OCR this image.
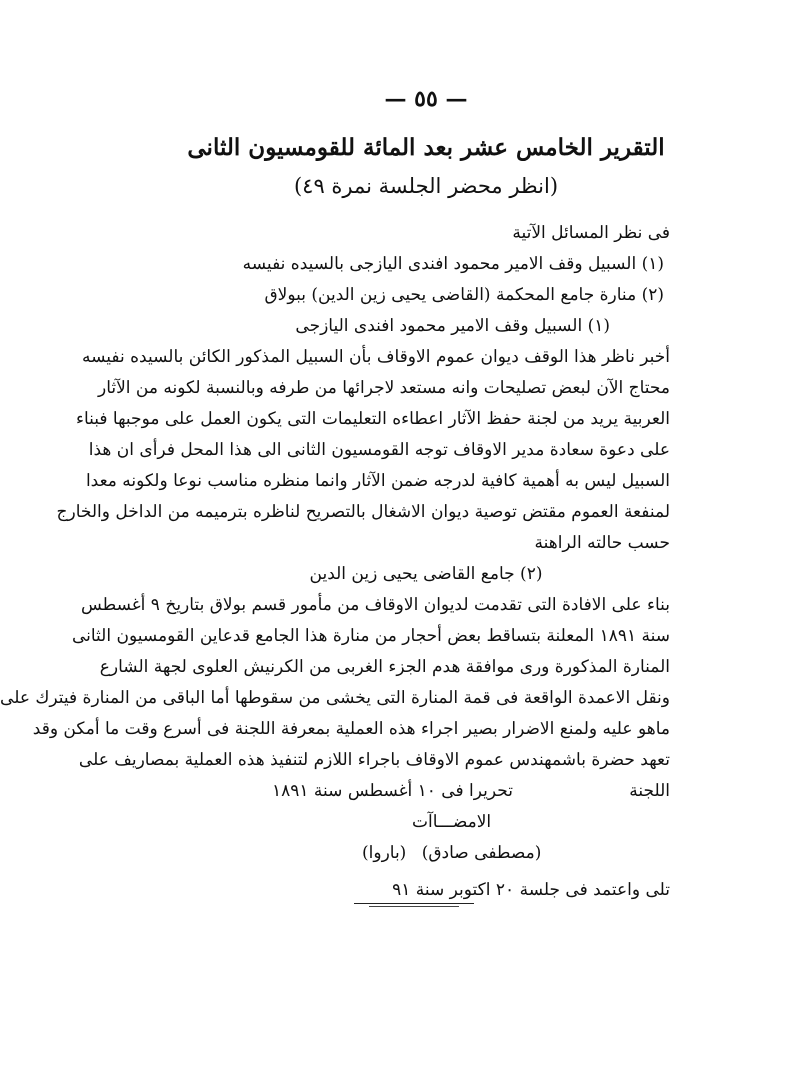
— ٥٥ —
التقرير الخامس عشر بعد المائة للقومسيون الثانى
(انظر محضر الجلسة نمرة ٤٩)
فى نظر المسائل الآتية
(١) السبيل وقف الامير محمود افندى اليازجى بالسيده نفيسه
(٢) منارة جامع المحكمة (القاضى يحيى زين الدين) ببولاق
(١) السبيل وقف الامير محمود افندى اليازجى
أخبر ناظر هذا الوقف ديوان عموم الاوقاف بأن السبيل المذكور الكائن بالسيده نفيسه
محتاج الآن لبعض تصليحات وانه مستعد لاجرائها من طرفه وبالنسبة لكونه من الآثار
العربية يريد من لجنة حفظ الآثار اعطاءه التعليمات التى يكون العمل على موجبها فبناء
على دعوة سعادة مدير الاوقاف توجه القومسيون الثانى الى هذا المحل فرأى ان هذا
السبيل ليس به أهمية كافية لدرجه ضمن الآثار وانما منظره مناسب نوعا ولكونه معدا
لمنفعة العموم مقتض توصية ديوان الاشغال بالتصريح لناظره بترميمه من الداخل والخارج
حسب حالته الراهنة
(٢) جامع القاضى يحيى زين الدين
بناء على الافادة التى تقدمت لديوان الاوقاف من مأمور قسم بولاق بتاريخ ٩ أغسطس
سنة ١٨٩١ المعلنة بتساقط بعض أحجار من منارة هذا الجامع قدعاين القومسيون الثانى
المنارة المذكورة ورى موافقة هدم الجزء الغربى من الكرنيش العلوى لجهة الشارع
ونقل الاعمدة الواقعة فى قمة المنارة التى يخشى من سقوطها أما الباقى من المنارة فيترك على
ماهو عليه ولمنع الاضرار بصير اجراء هذه العملية بمعرفة اللجنة فى أسرع وقت ما أمكن وقد
تعهد حضرة باشمهندس عموم الاوقاف باجراء اللازم لتنفيذ هذه العملية بمصاريف على
اللجنة
تحريرا فى ١٠ أغسطس سنة ١٨٩١
الامضـــاآت
(مصطفى صادق) (باروا)
تلى واعتمد فى جلسة ٢٠ اكتوبر سنة ٩١
